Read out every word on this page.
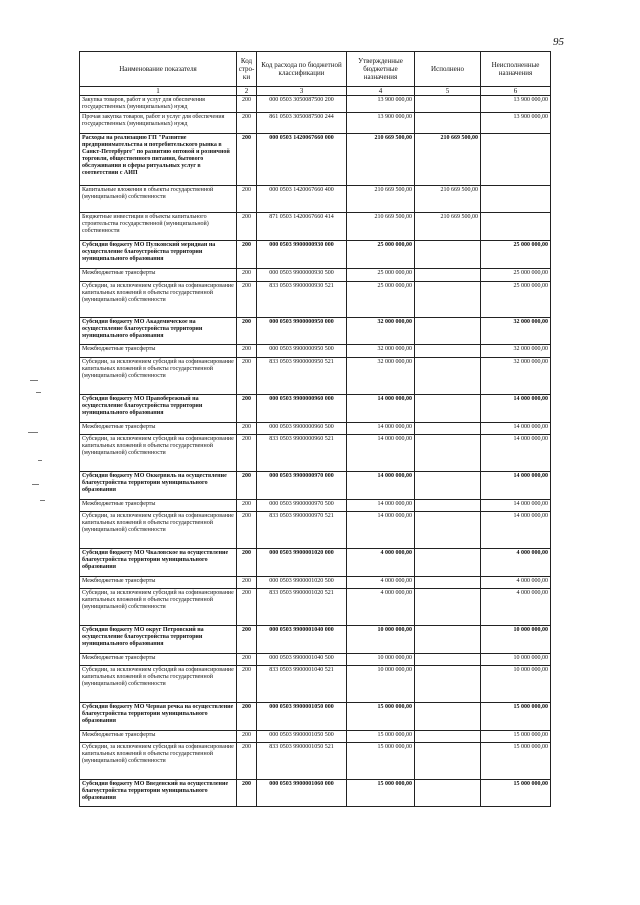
95
Наименование показателя	Код стро-ки	Код расхода по бюджетной классификации	Утвержденные бюджетные назначения	Исполнено	Неисполненные назначения
1	2	3	4	5	6
Закупка товаров, работ и услуг для обеспечения государственных (муниципальных) нужд	200	000 0503 3050087500 200	13 900 000,00		13 900 000,00
Прочая закупка товаров, работ и услуг для обеспечения государственных (муниципальных) нужд	200	861 0503 3050087500 244	13 900 000,00		13 900 000,00
Расходы на реализацию ГП "Развитие предпринимательства и потребительского рынка в Санкт-Петербурге" по развитию оптовой и розничной торговли, общественного питания, бытового обслуживания и сферы ритуальных услуг в соответствии с АИП	200	000 0503 1420067660 000	210 669 500,00	210 669 500,00	
Капитальные вложения в объекты государственной (муниципальной) собственности	200	000 0503 1420067660 400	210 669 500,00	210 669 500,00	
Бюджетные инвестиции в объекты капитального строительства государственной (муниципальной) собственности	200	871 0503 1420067660 414	210 669 500,00	210 669 500,00	
Субсидия бюджету МО Пулковский меридиан на осуществление благоустройства территории муниципального образования	200	000 0503 9900000930 000	25 000 000,00		25 000 000,00
Межбюджетные трансферты	200	000 0503 9900000930 500	25 000 000,00		25 000 000,00
Субсидии, за исключением субсидий на софинансирование капитальных вложений в объекты государственной (муниципальной) собственности	200	833 0503 9900000930 521	25 000 000,00		25 000 000,00
Субсидия бюджету МО Академическое на осуществление благоустройства территории муниципального образования	200	000 0503 9900000950 000	32 000 000,00		32 000 000,00
Межбюджетные трансферты	200	000 0503 9900000950 500	32 000 000,00		32 000 000,00
Субсидии, за исключением субсидий на софинансирование капитальных вложений в объекты государственной (муниципальной) собственности	200	833 0503 9900000950 521	32 000 000,00		32 000 000,00
Субсидия бюджету МО Правобережный на осуществление благоустройства территории муниципального образования	200	000 0503 9900000960 000	14 000 000,00		14 000 000,00
Межбюджетные трансферты	200	000 0503 9900000960 500	14 000 000,00		14 000 000,00
Субсидии, за исключением субсидий на софинансирование капитальных вложений в объекты государственной (муниципальной) собственности	200	833 0503 9900000960 521	14 000 000,00		14 000 000,00
Субсидия бюджету МО Оккервиль на осуществление благоустройства территории муниципального образования	200	000 0503 9900000970 000	14 000 000,00		14 000 000,00
Межбюджетные трансферты	200	000 0503 9900000970 500	14 000 000,00		14 000 000,00
Субсидии, за исключением субсидий на софинансирование капитальных вложений в объекты государственной (муниципальной) собственности	200	833 0503 9900000970 521	14 000 000,00		14 000 000,00
Субсидия бюджету МО Чкаловское на осуществление благоустройства территории муниципального образования	200	000 0503 9900001020 000	4 000 000,00		4 000 000,00
Межбюджетные трансферты	200	000 0503 9900001020 500	4 000 000,00		4 000 000,00
Субсидии, за исключением субсидий на софинансирование капитальных вложений в объекты государственной (муниципальной) собственности	200	833 0503 9900001020 521	4 000 000,00		4 000 000,00
Субсидия бюджету МО округ Петровский на осуществление благоустройства территории муниципального образования	200	000 0503 9900001040 000	10 000 000,00		10 000 000,00
Межбюджетные трансферты	200	000 0503 9900001040 500	10 000 000,00		10 000 000,00
Субсидии, за исключением субсидий на софинансирование капитальных вложений в объекты государственной (муниципальной) собственности	200	833 0503 9900001040 521	10 000 000,00		10 000 000,00
Субсидия бюджету МО Черная речка на осуществление благоустройства территории муниципального образования	200	000 0503 9900001050 000	15 000 000,00		15 000 000,00
Межбюджетные трансферты	200	000 0503 9900001050 500	15 000 000,00		15 000 000,00
Субсидии, за исключением субсидий на софинансирование капитальных вложений в объекты государственной (муниципальной) собственности	200	833 0503 9900001050 521	15 000 000,00		15 000 000,00
Субсидия бюджету МО Введенский на осуществление благоустройства территории муниципального образования	200	000 0503 9900001060 000	15 000 000,00		15 000 000,00
